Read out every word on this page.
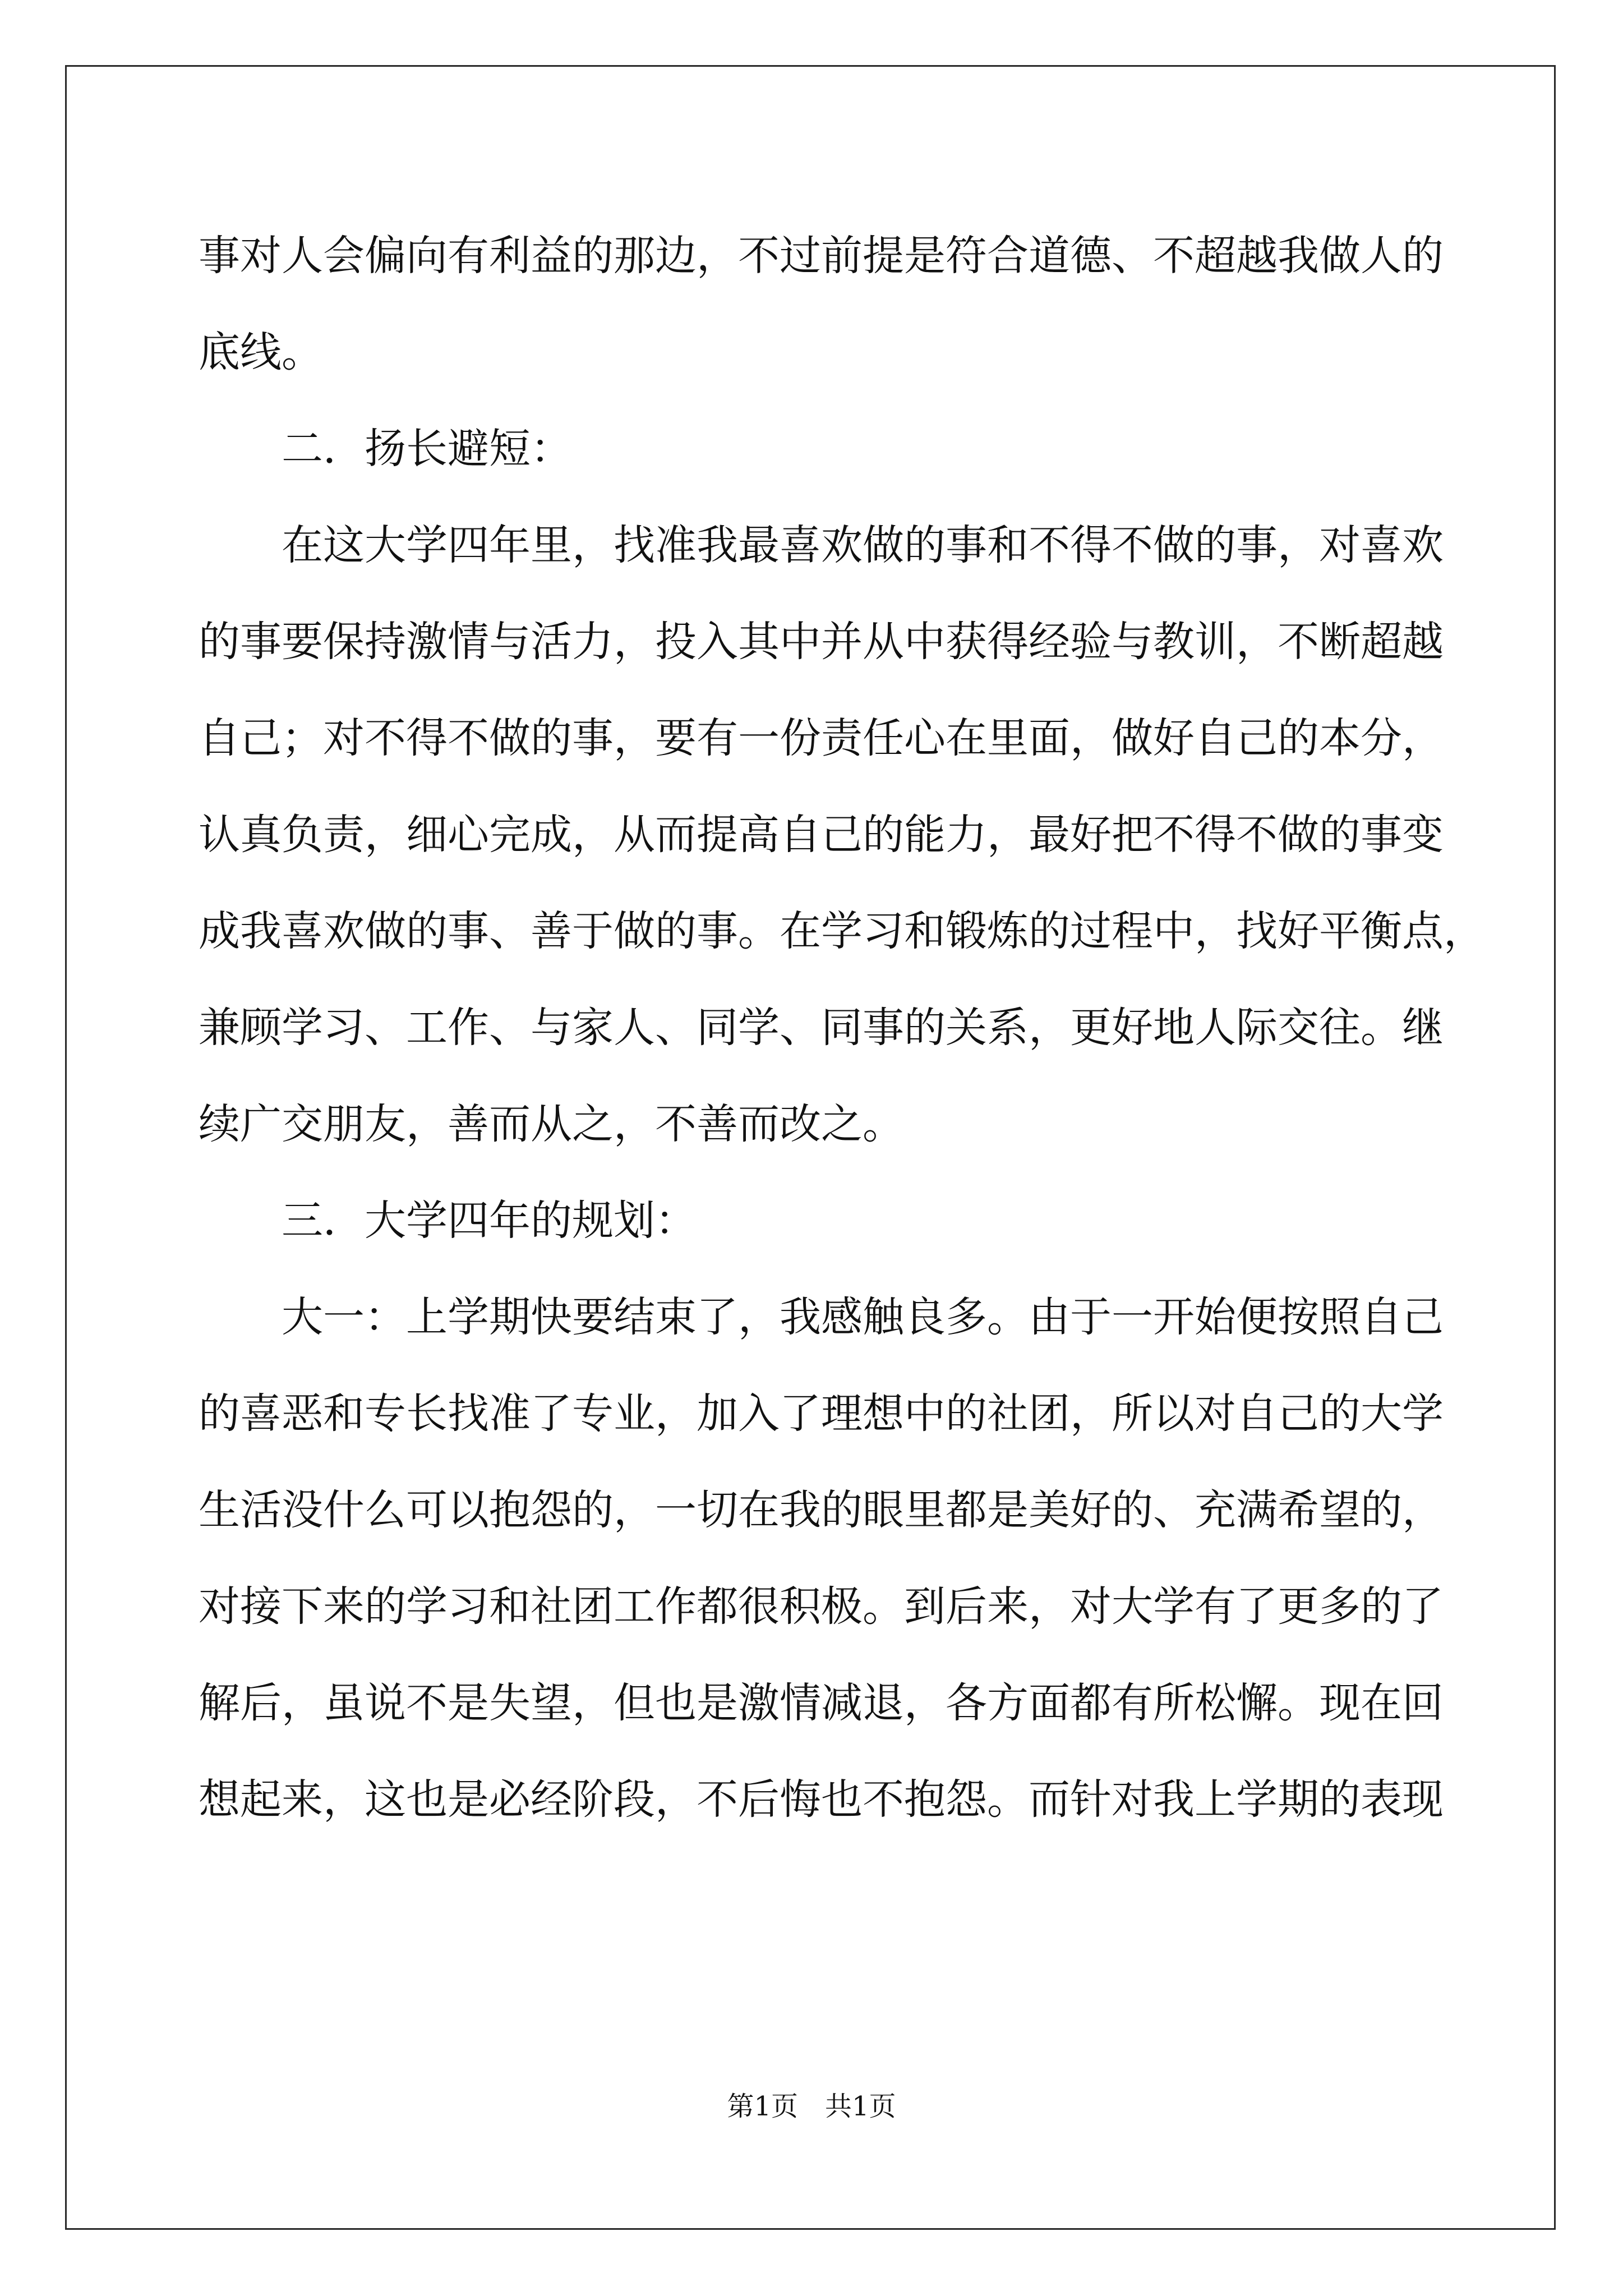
事对人会偏向有利益的那边，不过前提是符合道德、不超越我做人的
底线。
二．扬长避短：
在这大学四年里，找准我最喜欢做的事和不得不做的事，对喜欢
的事要保持激情与活力，投入其中并从中获得经验与教训，不断超越
自己；对不得不做的事，要有一份责任心在里面，做好自己的本分，
认真负责，细心完成，从而提高自己的能力，最好把不得不做的事变
成我喜欢做的事、善于做的事。在学习和锻炼的过程中，找好平衡点，
兼顾学习、工作、与家人、同学、同事的关系，更好地人际交往。继
续广交朋友，善而从之，不善而改之。
三．大学四年的规划：
大一：上学期快要结束了，我感触良多。由于一开始便按照自己
的喜恶和专长找准了专业，加入了理想中的社团，所以对自己的大学
生活没什么可以抱怨的，一切在我的眼里都是美好的、充满希望的，
对接下来的学习和社团工作都很积极。到后来，对大学有了更多的了
解后，虽说不是失望，但也是激情减退，各方面都有所松懈。现在回
想起来，这也是必经阶段，不后悔也不抱怨。而针对我上学期的表现
第1页 共1页
